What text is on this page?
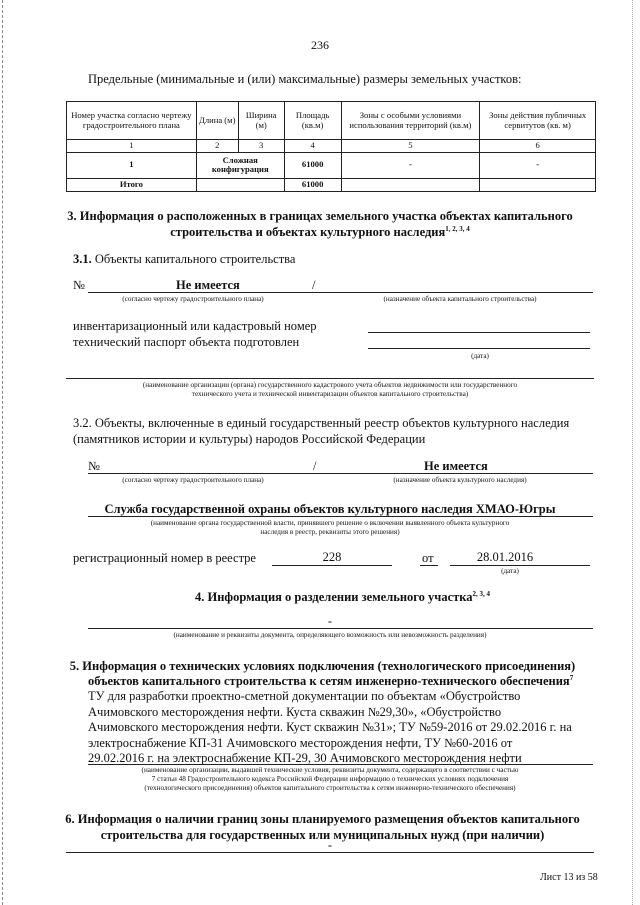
236
Предельные (минимальные и (или) максимальные) размеры земельных участков:
Номер участка согласно чертежу градостроительного плана	Длина (м)	Ширина (м)	Площадь (кв.м)	Зоны с особыми условиями использования территорий (кв.м)	Зоны действия публичных сервитутов (кв. м)
1	2	3	4	5	6
1	Сложная конфигурация		61000	-	-
Итого			61000		
3. Информация о расположенных в границах земельного участка объектах капитального
строительства и объектах культурного наследия$^{1, 2, 3, 4}$
3.1. Объекты капитального строительства
№	Не имеется	/
(согласно чертежу градостроительного плана)	(назначение объекта капитального строительства)
инвентаризационный или кадастровый номер
технический паспорт объекта подготовлен
(дата)
(наименование организации (органа) государственного кадастрового учета объектов недвижимости или государственного
технического учета и технической инвентаризации объектов капитального строительства)
3.2. Объекты, включенные в единый государственный реестр объектов культурного наследия
(памятников истории и культуры) народов Российской Федерации
№	/	Не имеется
(согласно чертежу градостроительного плана)	(назначение объекта культурного наследия)
Служба государственной охраны объектов культурного наследия ХМАО-Югры
(наименование органа государственной власти, принявшего решение о включении выявленного объекта культурного
наследия в реестр, реквизиты этого решения)
регистрационный номер в реестре	228	от	28.01.2016
(дата)
4. Информация о разделении земельного участка$^{2, 3, 4}$
-
(наименование и реквизиты документа, определяющего возможность или невозможность разделения)
5. Информация о технических условиях подключения (технологического присоединения)
объектов капитального строительства к сетям инженерно-технического обеспечения$^7$
ТУ для разработки проектно-сметной документации по объектам «Обустройство
Ачимовского месторождения нефти. Куста скважин №29,30», «Обустройство
Ачимовского месторождения нефти. Куст скважин №31»; ТУ №59-2016 от 29.02.2016 г. на
электроснабжение КП-31 Ачимовского месторождения нефти, ТУ №60-2016 от
29.02.2016 г. на электроснабжение КП-29, 30 Ачимовского месторождения нефти
(наименование организации, выдавшей технические условия, реквизиты документа, содержащего в соответствии с частью
7 статьи 48 Градостроительного кодекса Российской Федерации информацию о технических условиях подключения
(технологического присоединения) объектов капитального строительства к сетям инженерно-технического обеспечения)
6. Информация о наличии границ зоны планируемого размещения объектов капитального
строительства для государственных или муниципальных нужд (при наличии)
-
Лист 13 из 58
